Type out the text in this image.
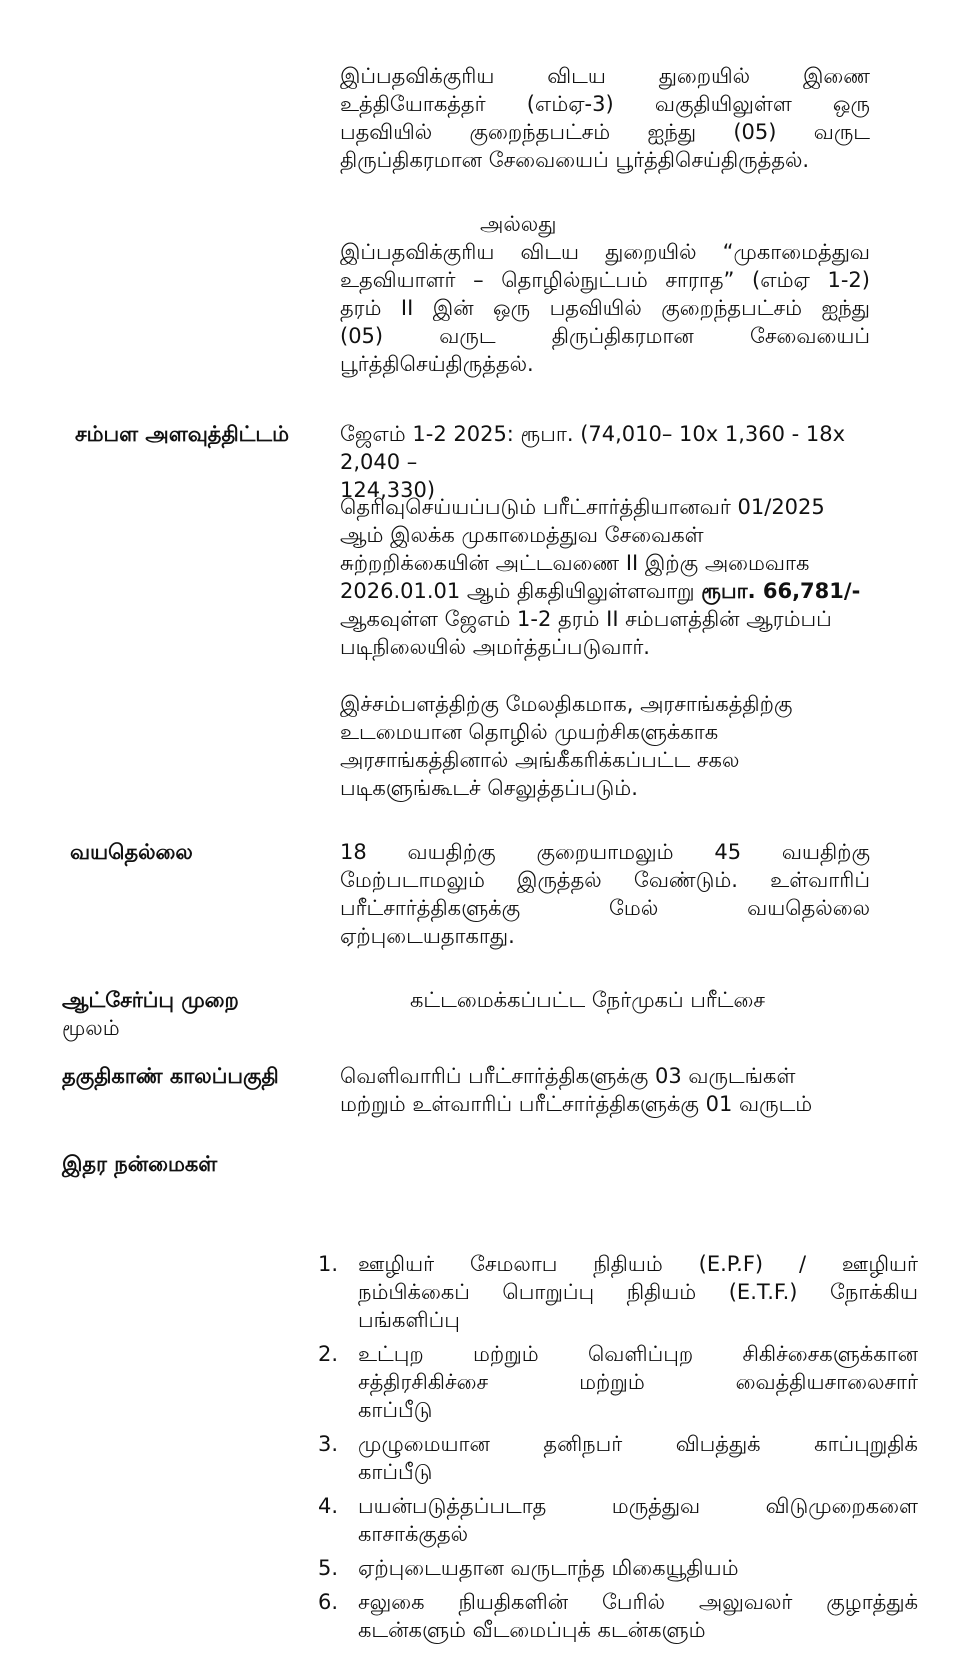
இப்பதவிக்குரிய விடய துறையில் இணை
உத்தியோகத்தர் (எம்ஏ-3) வகுதியிலுள்ள ஒரு
பதவியில் குறைந்தபட்சம் ஐந்து (05) வருட
திருப்திகரமான சேவையைப் பூர்த்திசெய்திருத்தல்.
அல்லது
இப்பதவிக்குரிய விடய துறையில் “முகாமைத்துவ
உதவியாளர் – தொழில்நுட்பம் சாராத” (எம்ஏ 1-2)
தரம் II இன் ஒரு பதவியில் குறைந்தபட்சம் ஐந்து
(05) வருட திருப்திகரமான சேவையைப்
பூர்த்திசெய்திருத்தல்.
சம்பள அளவுத்திட்டம் ஜேஎம் 1-2 2025: ரூபா. (74,010– 10x 1,360 - 18x 2,040 –
124,330)
தெரிவுசெய்யப்படும் பரீட்சார்த்தியானவர் 01/2025
ஆம் இலக்க முகாமைத்துவ சேவைகள்
சுற்றறிக்கையின் அட்டவணை II இற்கு அமைவாக
2026.01.01 ஆம் திகதியிலுள்ளவாறு ரூபா. 66,781/-
ஆகவுள்ள ஜேஎம் 1-2 தரம் II சம்பளத்தின் ஆரம்பப்
படிநிலையில் அமர்த்தப்படுவார்.
இச்சம்பளத்திற்கு மேலதிகமாக, அரசாங்கத்திற்கு
உடமையான தொழில் முயற்சிகளுக்காக
அரசாங்கத்தினால் அங்கீகரிக்கப்பட்ட சகல
படிகளுங்கூடச் செலுத்தப்படும்.
வயதெல்லை	18 வயதிற்கு குறையாமலும் 45 வயதிற்கு
மேற்படாமலும் இருத்தல் வேண்டும். உள்வாரிப்
பரீட்சார்த்திகளுக்கு மேல் வயதெல்லை
ஏற்புடையதாகாது.
ஆட்சேர்ப்பு முறை
மூலம்
கட்டமைக்கப்பட்ட நேர்முகப் பரீட்சை
தகுதிகாண் காலப்பகுதி	வெளிவாரிப் பரீட்சார்த்திகளுக்கு 03 வருடங்கள்
மற்றும் உள்வாரிப் பரீட்சார்த்திகளுக்கு 01 வருடம்
இதர நன்மைகள்
1. ஊழியர் சேமலாப நிதியம் (E.P.F) / ஊழியர்
நம்பிக்கைப் பொறுப்பு நிதியம் (E.T.F.) நோக்கிய
பங்களிப்பு
2. உட்புற மற்றும் வெளிப்புற சிகிச்சைகளுக்கான
சத்திரசிகிச்சை மற்றும் வைத்தியசாலைசார்
காப்பீடு
3. முழுமையான தனிநபர் விபத்துக் காப்புறுதிக்
காப்பீடு
4. பயன்படுத்தப்படாத மருத்துவ விடுமுறைகளை
காசாக்குதல்
5. ஏற்புடையதான வருடாந்த மிகையூதியம்
6. சலுகை நியதிகளின் பேரில் அலுவலர் குழாத்துக்
கடன்களும் வீடமைப்புக் கடன்களும்
